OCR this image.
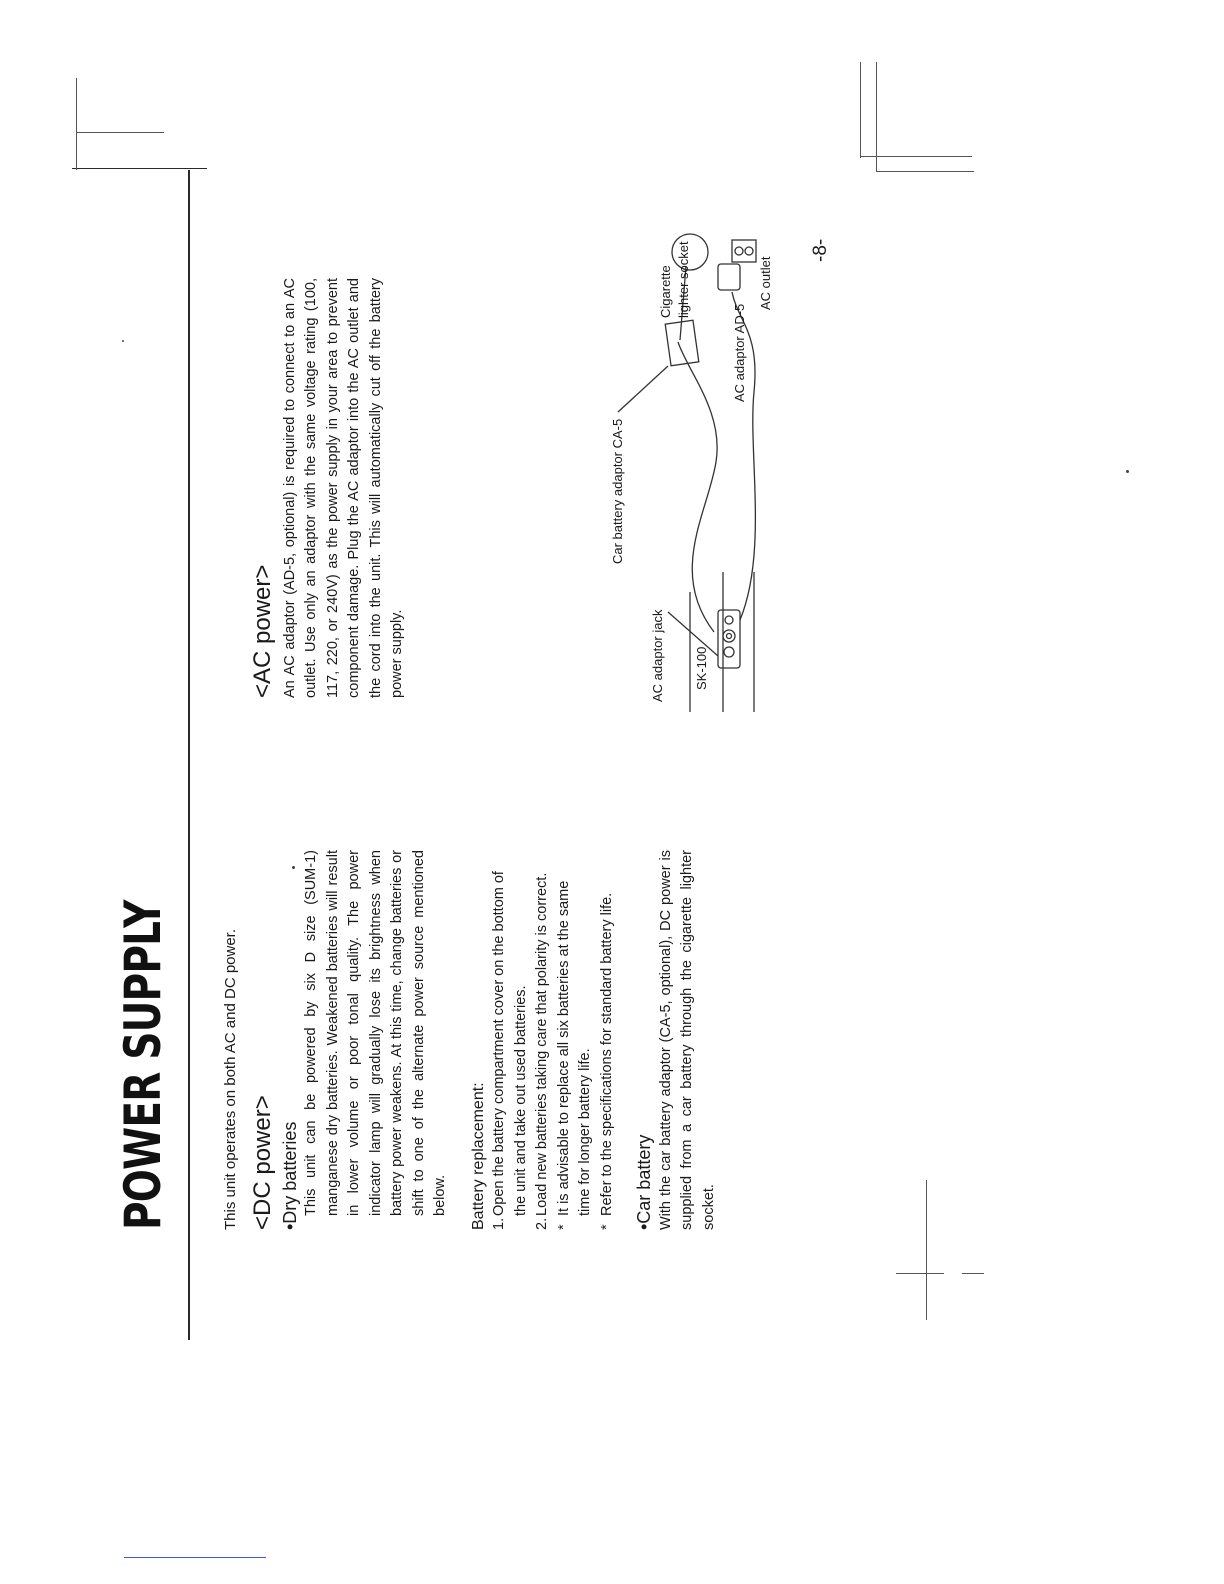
POWER SUPPLY	This unit operates on both AC and DC power. <DC power> •Dry batteries This unit can be powered by six D size (SUM-1) manganese dry batteries. Weakened batteries will result in lower volume or poor tonal quality. The power indicator lamp will gradually lose its brightness when battery power weakens. At this time, change batteries or shift to one of the alternate power source mentioned below. Battery replacement: 1.
Open the battery compartment cover on the bottom of the unit and take out used batteries.
2.
Load new batteries taking care that polarity is correct.
*
It is advisable to replace all six batteries at the same time for longer battery life.
*
Refer to the specifications for standard battery life. •Car battery With the car battery adaptor (CA-5, optional), DC power is supplied from a car battery through the cigarette lighter socket.

<AC power> An AC adaptor (AD-5, optional) is required to connect to an AC outlet. Use only an adaptor with the same voltage rating (100, 117, 220, or 240V) as the power supply in your area to prevent component damage. Plug the AC adaptor into the AC outlet and the cord into the unit. This will automatically cut off the battery power supply.

Car battery adaptor CA-5
Cigarette lighter socket	AC outlet
AC adaptor AD-5
SK-100
AC adaptor jack
-8-
